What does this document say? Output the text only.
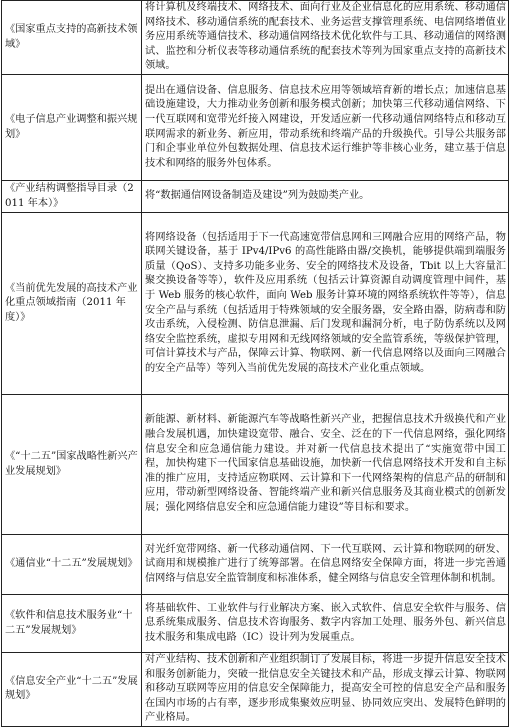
《国家重点支持的高新技术领域》	将计算机及终端技术、网络技术、面向行业及企业信息化的应用系统、移动通信网络技术、移动通信系统的配套技术、业务运营支撑管理系统、电信网络增值业务应用系统等通信技术、移动通信网络技术优化软件与工具、移动通信的网络测试、监控和分析仪表等移动通信系统的配套技术等列为国家重点支持的高新技术领域。
《电子信息产业调整和振兴规划》	提出在通信设备、信息服务、信息技术应用等领域培育新的增长点；加速信息基础设施建设，大力推动业务创新和服务模式创新；加快第三代移动通信网络、下一代互联网和宽带光纤接入网建设，开发适应新一代移动通信网络特点和移动互联网需求的新业务、新应用，带动系统和终端产品的升级换代。引导公共服务部门和企事业单位外包数据处理、信息技术运行维护等非核心业务，建立基于信息技术和网络的服务外包体系。
《产业结构调整指导目录（2011 年本）》	将“数据通信网设备制造及建设”列为鼓励类产业。
《当前优先发展的高技术产业化重点领域指南（2011 年度）》	将网络设备（包括适用于下一代高速宽带信息网和三网融合应用的网络产品，物联网关键设备，基于 IPv4/IPv6 的高性能路由器/交换机，能够提供端到端服务质量（QoS）、支持多功能多业务、安全的网络技术及设备，Tbit 以上大容量汇聚交换设备等等），软件及应用系统（包括云计算资源自动调度管理中间件，基于 Web 服务的核心软件，面向 Web 服务计算环境的网络系统软件等等），信息安全产品与系统（包括适用于特殊领域的安全服务器，安全路由器，防病毒和防攻击系统，入侵检测、防信息泄漏、后门发现和漏洞分析，电子防伪系统以及网络安全监控系统，虚拟专用网和无线网络领域的安全监管系统，等级保护管理，可信计算技术与产品，保障云计算、物联网、新一代信息网络以及面向三网融合的安全产品等）等列入当前优先发展的高技术产业化重点领域。
《“十二五”国家战略性新兴产业发展规划》	新能源、新材料、新能源汽车等战略性新兴产业，把握信息技术升级换代和产业融合发展机遇，加快建设宽带、融合、安全、泛在的下一代信息网络，强化网络信息安全和应急通信能力建设。并对新一代信息技术提出了“实施宽带中国工程，加快构建下一代国家信息基础设施，加快新一代信息网络技术开发和自主标准的推广应用，支持适应物联网、云计算和下一代网络架构的信息产品的研制和应用，带动新型网络设备、智能终端产业和新兴信息服务及其商业模式的创新发展；强化网络信息安全和应急通信能力建设”等目标和要求。
《通信业“十二五”发展规划》	对光纤宽带网络、新一代移动通信网、下一代互联网、云计算和物联网的研发、试商用和规模推广进行了统筹部署。在信息网络安全保障方面，将进一步完善通信网络与信息安全监管制度和标准体系，健全网络与信息安全管理体制和机制。
《软件和信息技术服务业“十二五”发展规划》	将基础软件、工业软件与行业解决方案、嵌入式软件、信息安全软件与服务、信息系统集成服务、信息技术咨询服务、数字内容加工处理、服务外包、新兴信息技术服务和集成电路（IC）设计列为发展重点。
《信息安全产业“十二五”发展规划》	对产业结构、技术创新和产业组织制订了发展目标，将进一步提升信息安全技术和服务创新能力，突破一批信息安全关键技术和产品，形成支撑云计算、物联网和移动互联网等应用的信息安全保障能力，提高安全可控的信息安全产品和服务在国内市场的占有率，逐步形成集聚效应明显、协同效应突出、发展特色鲜明的产业格局。
